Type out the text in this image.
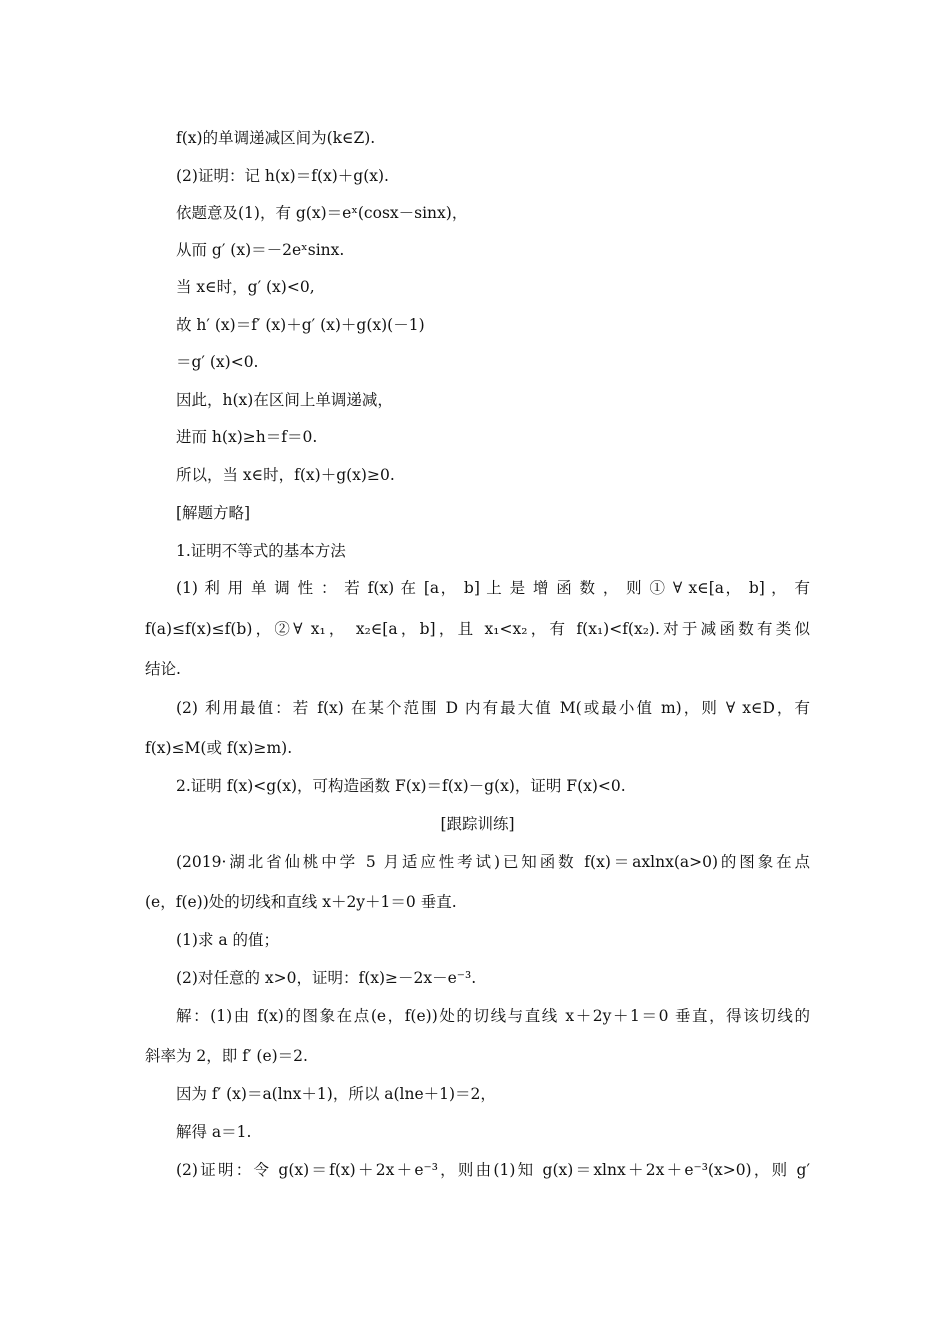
f(x)的单调递减区间为(k∈Z).
(2)证明：记 h(x)＝f(x)＋g(x).
依题意及(1)，有 g(x)＝eˣ(cosx－sinx)，
从而 g′ (x)＝－2eˣsinx.
当 x∈时，g′ (x)<0,
故 h′ (x)＝f′ (x)＋g′ (x)＋g(x)(－1)
＝g′ (x)<0.
因此，h(x)在区间上单调递减，
进而 h(x)≥h＝f＝0.
所以，当 x∈时，f(x)＋g(x)≥0.
[解题方略]
1.证明不等式的基本方法
(1) 利 用 单 调 性 ： 若 f(x) 在 [a， b] 上 是 增 函 数 ， 则 ① ∀ x∈[a， b] ， 有
f(a)≤f(x)≤f(b)，②∀ x₁， x₂∈[a，b]，且 x₁<x₂，有 f(x₁)<f(x₂).对于减函数有类似
结论.
(2) 利用最值：若 f(x) 在某个范围 D 内有最大值 M(或最小值 m)，则 ∀ x∈D，有
f(x)≤M(或 f(x)≥m).
2.证明 f(x)<g(x)，可构造函数 F(x)＝f(x)－g(x)，证明 F(x)<0.
[跟踪训练]
(2019·湖北省仙桃中学 5 月适应性考试)已知函数 f(x)＝axlnx(a>0)的图象在点
(e，f(e))处的切线和直线 x＋2y＋1＝0 垂直.
(1)求 a 的值；
(2)对任意的 x>0，证明：f(x)≥－2x－e⁻³.
解：(1)由 f(x)的图象在点(e，f(e))处的切线与直线 x＋2y＋1＝0 垂直，得该切线的
斜率为 2，即 f′ (e)＝2.
因为 f′ (x)＝a(lnx＋1)，所以 a(lne＋1)＝2，
解得 a＝1.
(2)证明：令 g(x)＝f(x)＋2x＋e⁻³，则由(1)知 g(x)＝xlnx＋2x＋e⁻³(x>0)，则 g′
